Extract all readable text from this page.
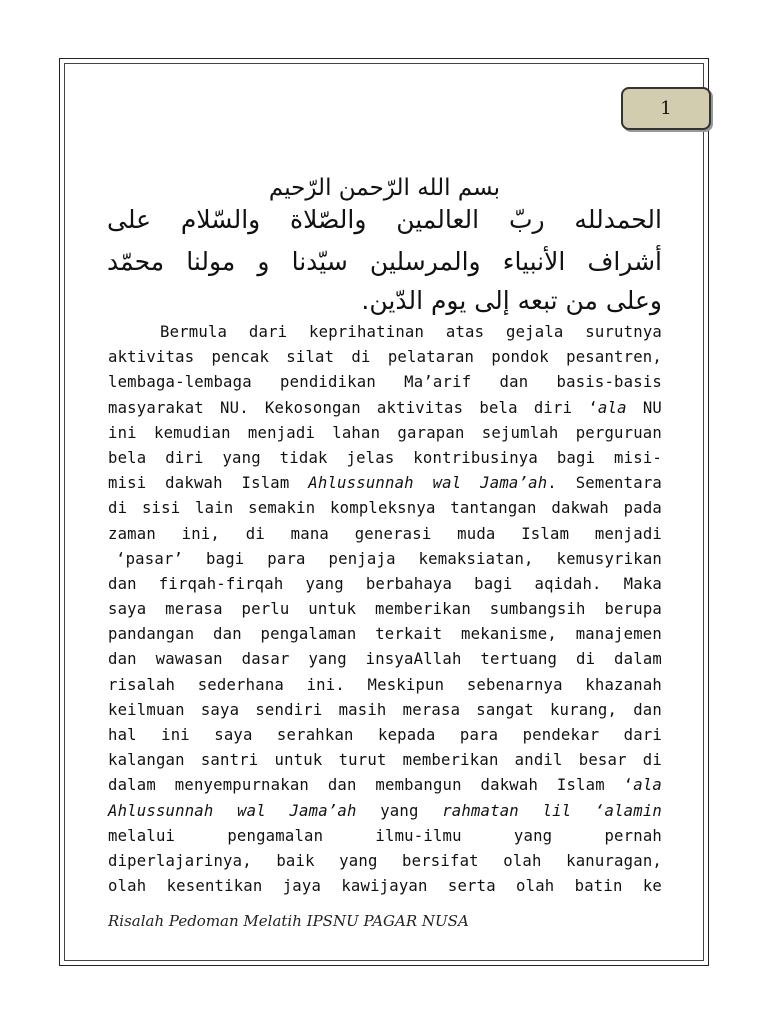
1
بسم الله الرّحمن الرّحيم
الحمدلله ربّ العالمين والصّلاة والسّلام على
أشراف الأنبياء والمرسلين سيّدنا و مولنا محمّد
وعلى من تبعه إلى يوم الدّين.

Bermula dari keprihatinan atas gejala surutnya

aktivitas pencak silat di pelataran pondok pesantren,

lembaga-lembaga pendidikan Ma’arif dan basis-basis

masyarakat NU. Kekosongan aktivitas bela diri ‘ala NU

ini kemudian menjadi lahan garapan sejumlah perguruan

bela diri yang tidak jelas kontribusinya bagi misi-

misi dakwah Islam Ahlussunnah wal Jama’ah. Sementara

di sisi lain semakin kompleksnya tantangan dakwah pada

zaman ini, di mana generasi muda Islam menjadi

‘pasar’ bagi para penjaja kemaksiatan, kemusyrikan

dan firqah-firqah yang berbahaya bagi aqidah. Maka

saya merasa perlu untuk memberikan sumbangsih berupa

pandangan dan pengalaman terkait mekanisme, manajemen

dan wawasan dasar yang insyaAllah tertuang di dalam

risalah sederhana ini. Meskipun sebenarnya khazanah

keilmuan saya sendiri masih merasa sangat kurang, dan

hal ini saya serahkan kepada para pendekar dari

kalangan santri untuk turut memberikan andil besar di

dalam menyempurnakan dan membangun dakwah Islam ‘ala

Ahlussunnah wal Jama’ah yang rahmatan lil ‘alamin

melalui pengamalan ilmu-ilmu yang pernah

diperlajarinya, baik yang bersifat olah kanuragan,

olah kesentikan jaya kawijayan serta olah batin ke

Risalah Pedoman Melatih IPSNU PAGAR NUSA
